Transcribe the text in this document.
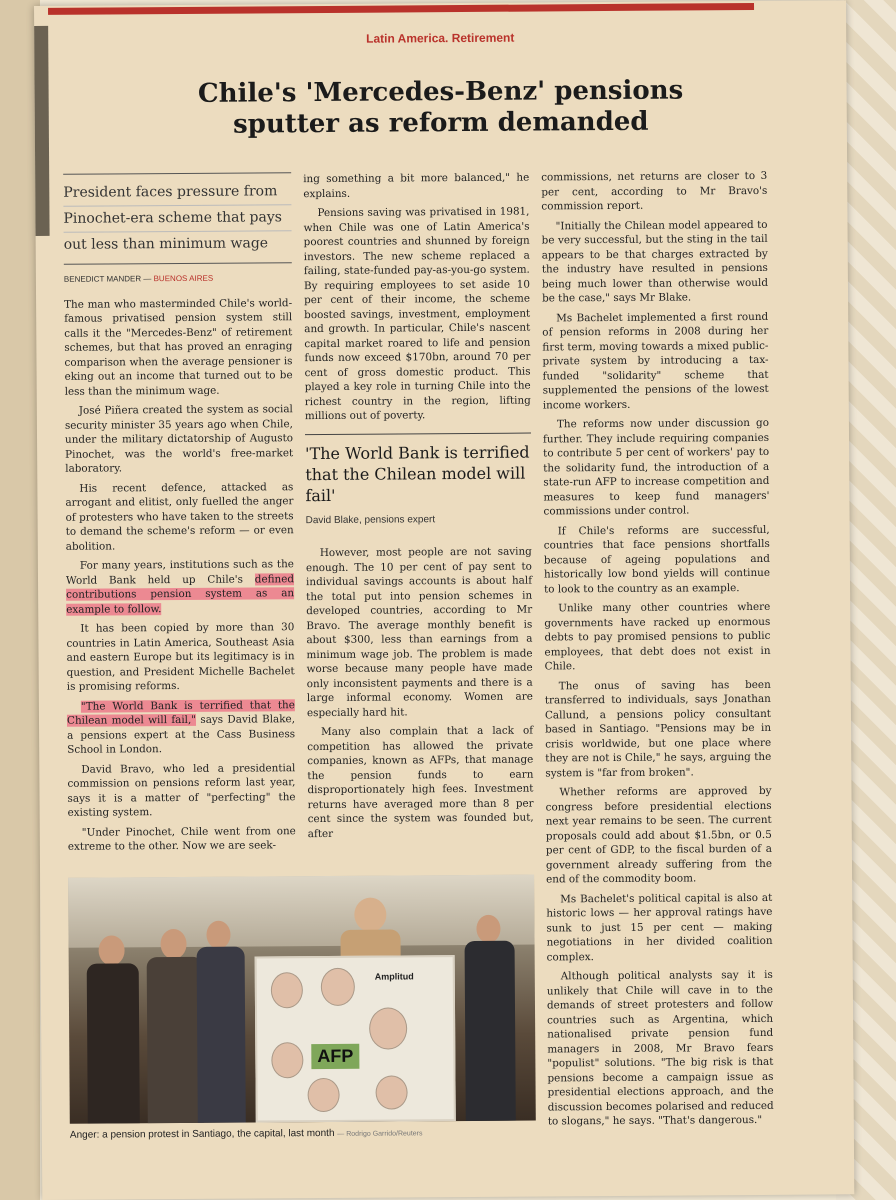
Latin America. Retirement
Chile's 'Mercedes-Benz' pensions
sputter as reform demanded
President faces pressure from
Pinochet-era scheme that pays
out less than minimum wage
BENEDICT MANDER — BUENOS AIRES

The man who masterminded Chile's world-famous privatised pension system still calls it the "Mercedes-Benz" of retirement schemes, but that has proved an enraging comparison when the average pensioner is eking out an income that turned out to be less than the minimum wage.

José Piñera created the system as social security minister 35 years ago when Chile, under the military dictatorship of Augusto Pinochet, was the world's free-market laboratory.

His recent defence, attacked as arrogant and elitist, only fuelled the anger of protesters who have taken to the streets to demand the scheme's reform — or even abolition.

For many years, institutions such as the World Bank held up Chile's defined contributions pension system as an example to follow.

It has been copied by more than 30 countries in Latin America, Southeast Asia and eastern Europe but its legitimacy is in question, and President Michelle Bachelet is promising reforms.

"The World Bank is terrified that the Chilean model will fail," says David Blake, a pensions expert at the Cass Business School in London.

David Bravo, who led a presidential commission on pensions reform last year, says it is a matter of "perfecting" the existing system.

"Under Pinochet, Chile went from one extreme to the other. Now we are seek-

ing something a bit more balanced," he explains.

Pensions saving was privatised in 1981, when Chile was one of Latin America's poorest countries and shunned by foreign investors. The new scheme replaced a failing, state-funded pay-as-you-go system. By requiring employees to set aside 10 per cent of their income, the scheme boosted savings, investment, employment and growth. In particular, Chile's nascent capital market roared to life and pension funds now exceed $170bn, around 70 per cent of gross domestic product. This played a key role in turning Chile into the richest country in the region, lifting millions out of poverty.

'The World Bank is terrified that the Chilean model will fail'
David Blake, pensions expert

However, most people are not saving enough. The 10 per cent of pay sent to individual savings accounts is about half the total put into pension schemes in developed countries, according to Mr Bravo. The average monthly benefit is about $300, less than earnings from a minimum wage job. The problem is made worse because many people have made only inconsistent payments and there is a large informal economy. Women are especially hard hit.

Many also complain that a lack of competition has allowed the private companies, known as AFPs, that manage the pension funds to earn disproportionately high fees. Investment returns have averaged more than 8 per cent since the system was founded but, after

commissions, net returns are closer to 3 per cent, according to Mr Bravo's commission report.

"Initially the Chilean model appeared to be very successful, but the sting in the tail appears to be that charges extracted by the industry have resulted in pensions being much lower than otherwise would be the case," says Mr Blake.

Ms Bachelet implemented a first round of pension reforms in 2008 during her first term, moving towards a mixed public-private system by introducing a tax-funded "solidarity" scheme that supplemented the pensions of the lowest income workers.

The reforms now under discussion go further. They include requiring companies to contribute 5 per cent of workers' pay to the solidarity fund, the introduction of a state-run AFP to increase competition and measures to keep fund managers' commissions under control.

If Chile's reforms are successful, countries that face pensions shortfalls because of ageing populations and historically low bond yields will continue to look to the country as an example.

Unlike many other countries where governments have racked up enormous debts to pay promised pensions to public employees, that debt does not exist in Chile.

The onus of saving has been transferred to individuals, says Jonathan Callund, a pensions policy consultant based in Santiago. "Pensions may be in crisis worldwide, but one place where they are not is Chile," he says, arguing the system is "far from broken".

Whether reforms are approved by congress before presidential elections next year remains to be seen. The current proposals could add about $1.5bn, or 0.5 per cent of GDP, to the fiscal burden of a government already suffering from the end of the commodity boom.

Ms Bachelet's political capital is also at historic lows — her approval ratings have sunk to just 15 per cent — making negotiations in her divided coalition complex.

Although political analysts say it is unlikely that Chile will cave in to the demands of street protesters and follow countries such as Argentina, which nationalised private pension fund managers in 2008, Mr Bravo fears "populist" solutions. "The big risk is that pensions become a campaign issue as presidential elections approach, and the discussion becomes polarised and reduced to slogans," he says. "That's dangerous."

Amplitud
AFP
Anger: a pension protest in Santiago, the capital, last month — Rodrigo Garrido/Reuters
